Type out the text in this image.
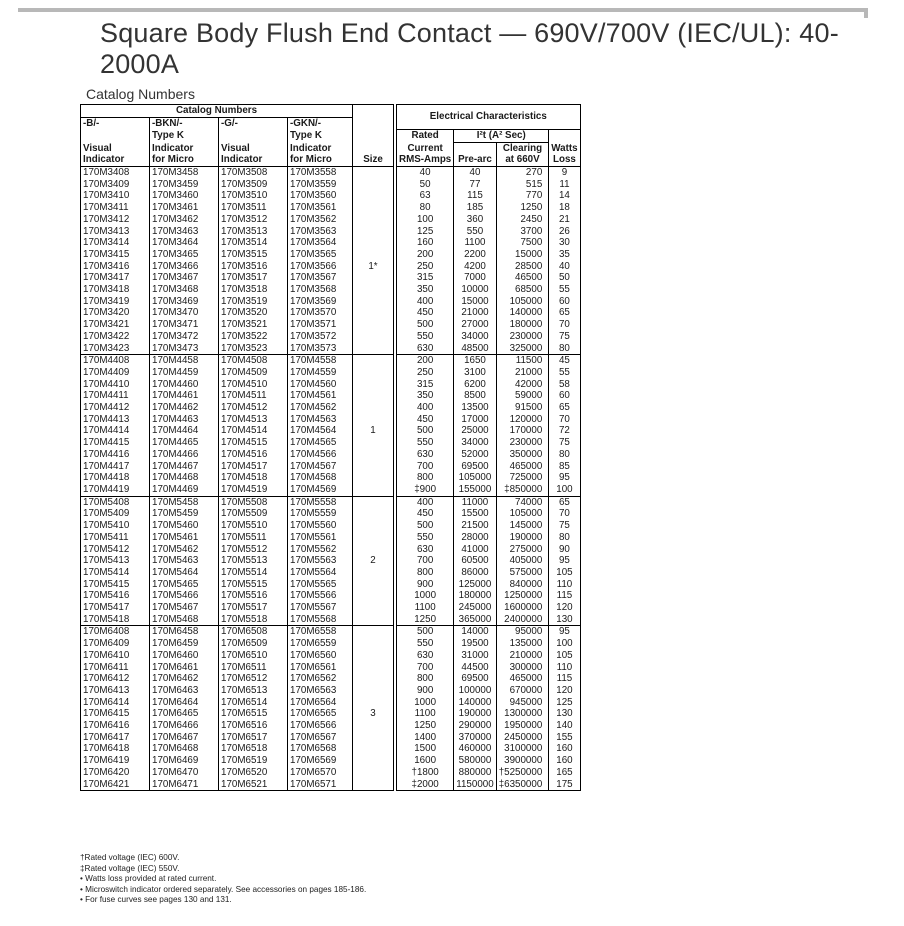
Square Body Flush End Contact — 690V/700V (IEC/UL): 40-2000A
Catalog Numbers
Catalog Numbers						Electrical Characteristics			
-B/-	-BKN/-	-G/-	-GKN/-						
	Type K		Type K			Rated	I²t (A² Sec)		
Visual	Indicator	Visual	Indicator			Current		Clearing	Watts
Indicator	for Micro	Indicator	for Micro	Size		RMS-Amps	Pre-arc	at 660V	Loss
170M3408	170M3458	170M3508	170M3558			40	40	270	9
170M3409	170M3459	170M3509	170M3559			50	77	515	11
170M3410	170M3460	170M3510	170M3560			63	115	770	14
170M3411	170M3461	170M3511	170M3561			80	185	1250	18
170M3412	170M3462	170M3512	170M3562			100	360	2450	21
170M3413	170M3463	170M3513	170M3563			125	550	3700	26
170M3414	170M3464	170M3514	170M3564			160	1100	7500	30
170M3415	170M3465	170M3515	170M3565			200	2200	15000	35
170M3416	170M3466	170M3516	170M3566	1*		250	4200	28500	40
170M3417	170M3467	170M3517	170M3567			315	7000	46500	50
170M3418	170M3468	170M3518	170M3568			350	10000	68500	55
170M3419	170M3469	170M3519	170M3569			400	15000	105000	60
170M3420	170M3470	170M3520	170M3570			450	21000	140000	65
170M3421	170M3471	170M3521	170M3571			500	27000	180000	70
170M3422	170M3472	170M3522	170M3572			550	34000	230000	75
170M3423	170M3473	170M3523	170M3573			630	48500	325000	80
170M4408	170M4458	170M4508	170M4558			200	1650	11500	45
170M4409	170M4459	170M4509	170M4559			250	3100	21000	55
170M4410	170M4460	170M4510	170M4560			315	6200	42000	58
170M4411	170M4461	170M4511	170M4561			350	8500	59000	60
170M4412	170M4462	170M4512	170M4562			400	13500	91500	65
170M4413	170M4463	170M4513	170M4563			450	17000	120000	70
170M4414	170M4464	170M4514	170M4564	1		500	25000	170000	72
170M4415	170M4465	170M4515	170M4565			550	34000	230000	75
170M4416	170M4466	170M4516	170M4566			630	52000	350000	80
170M4417	170M4467	170M4517	170M4567			700	69500	465000	85
170M4418	170M4468	170M4518	170M4568			800	105000	725000	95
170M4419	170M4469	170M4519	170M4569			‡900	155000	‡850000	100
170M5408	170M5458	170M5508	170M5558			400	11000	74000	65
170M5409	170M5459	170M5509	170M5559			450	15500	105000	70
170M5410	170M5460	170M5510	170M5560			500	21500	145000	75
170M5411	170M5461	170M5511	170M5561			550	28000	190000	80
170M5412	170M5462	170M5512	170M5562			630	41000	275000	90
170M5413	170M5463	170M5513	170M5563	2		700	60500	405000	95
170M5414	170M5464	170M5514	170M5564			800	86000	575000	105
170M5415	170M5465	170M5515	170M5565			900	125000	840000	110
170M5416	170M5466	170M5516	170M5566			1000	180000	1250000	115
170M5417	170M5467	170M5517	170M5567			1100	245000	1600000	120
170M5418	170M5468	170M5518	170M5568			1250	365000	2400000	130
170M6408	170M6458	170M6508	170M6558			500	14000	95000	95
170M6409	170M6459	170M6509	170M6559			550	19500	135000	100
170M6410	170M6460	170M6510	170M6560			630	31000	210000	105
170M6411	170M6461	170M6511	170M6561			700	44500	300000	110
170M6412	170M6462	170M6512	170M6562			800	69500	465000	115
170M6413	170M6463	170M6513	170M6563			900	100000	670000	120
170M6414	170M6464	170M6514	170M6564			1000	140000	945000	125
170M6415	170M6465	170M6515	170M6565	3		1100	190000	1300000	130
170M6416	170M6466	170M6516	170M6566			1250	290000	1950000	140
170M6417	170M6467	170M6517	170M6567			1400	370000	2450000	155
170M6418	170M6468	170M6518	170M6568			1500	460000	3100000	160
170M6419	170M6469	170M6519	170M6569			1600	580000	3900000	160
170M6420	170M6470	170M6520	170M6570			†1800	880000	†5250000	165
170M6421	170M6471	170M6521	170M6571			‡2000	1150000	‡6350000	175
†Rated voltage (IEC) 600V.
‡Rated voltage (IEC) 550V.
• Watts loss provided at rated current.
• Microswitch indicator ordered separately. See accessories on pages 185-186.
• For fuse curves see pages 130 and 131.
